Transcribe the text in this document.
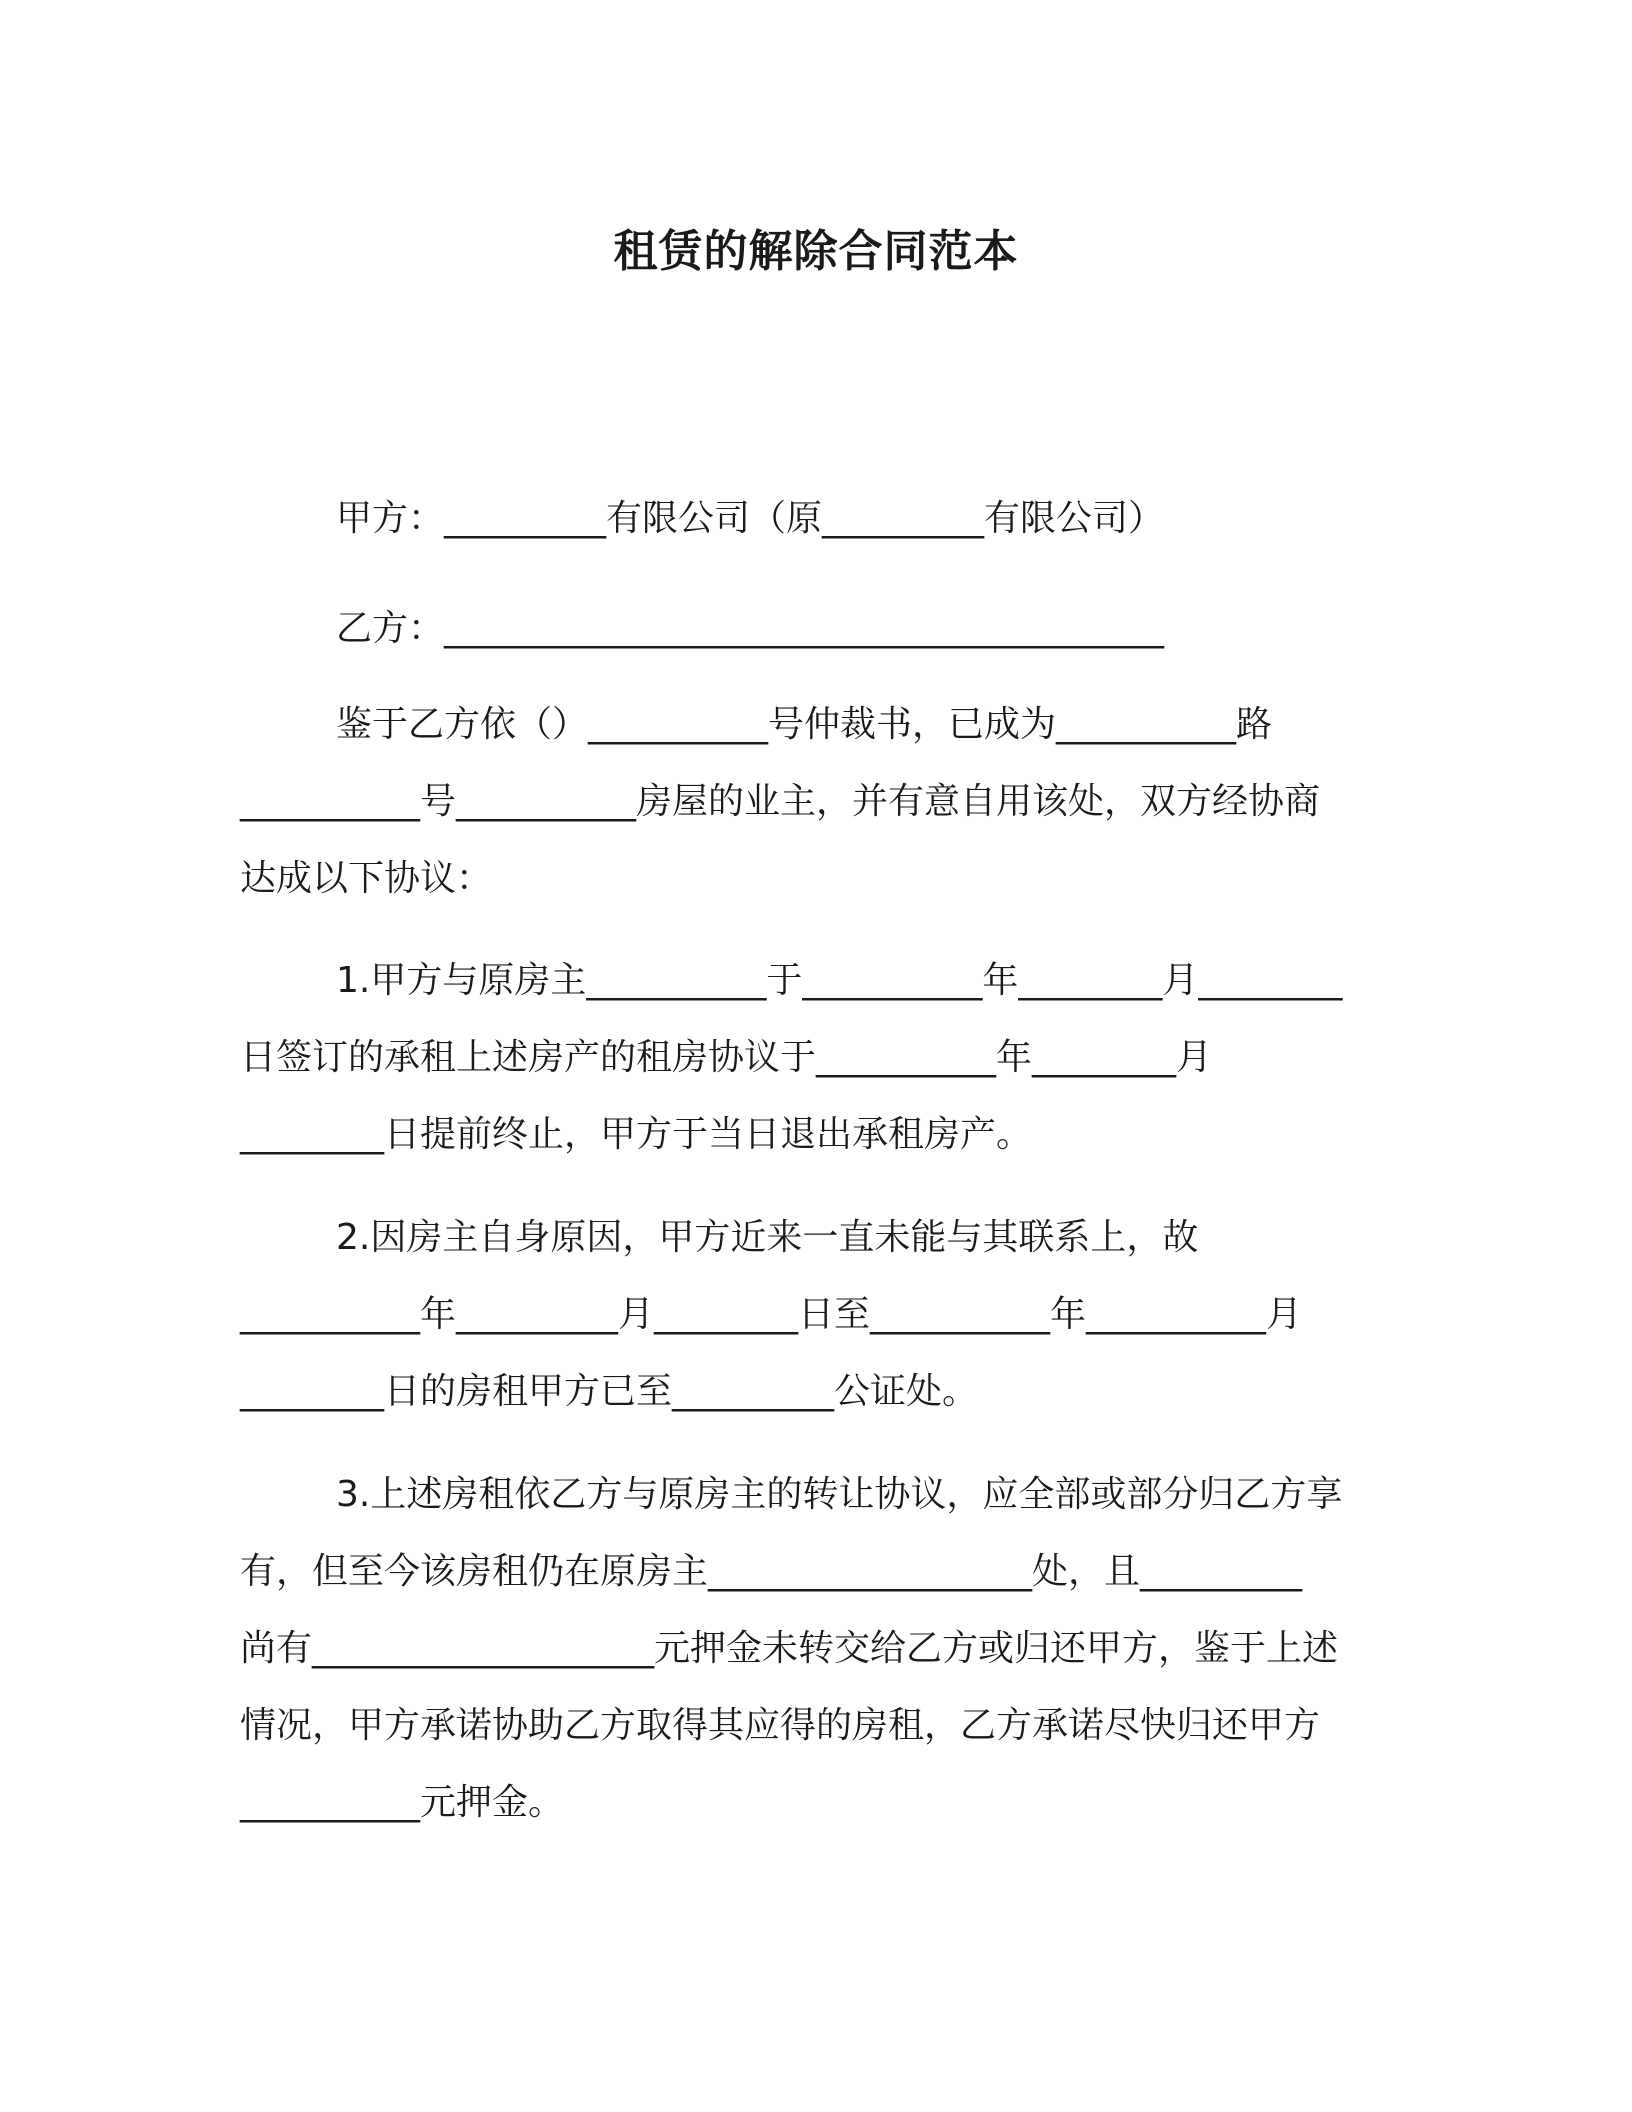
租赁的解除合同范本
甲方：_________有限公司（原_________有限公司）
乙方：________________________________________
鉴于乙方依（）__________号仲裁书，已成为__________路
__________号__________房屋的业主，并有意自用该处，双方经协商
达成以下协议：
1.甲方与原房主__________于__________年________月________
日签订的承租上述房产的租房协议于__________年________月
________日提前终止，甲方于当日退出承租房产。
2.因房主自身原因，甲方近来一直未能与其联系上，故
__________年_________月________日至__________年__________月
________日的房租甲方已至_________公证处。
3.上述房租依乙方与原房主的转让协议，应全部或部分归乙方享
有，但至今该房租仍在原房主__________________处，且_________
尚有___________________元押金未转交给乙方或归还甲方，鉴于上述
情况，甲方承诺协助乙方取得其应得的房租，乙方承诺尽快归还甲方
__________元押金。
